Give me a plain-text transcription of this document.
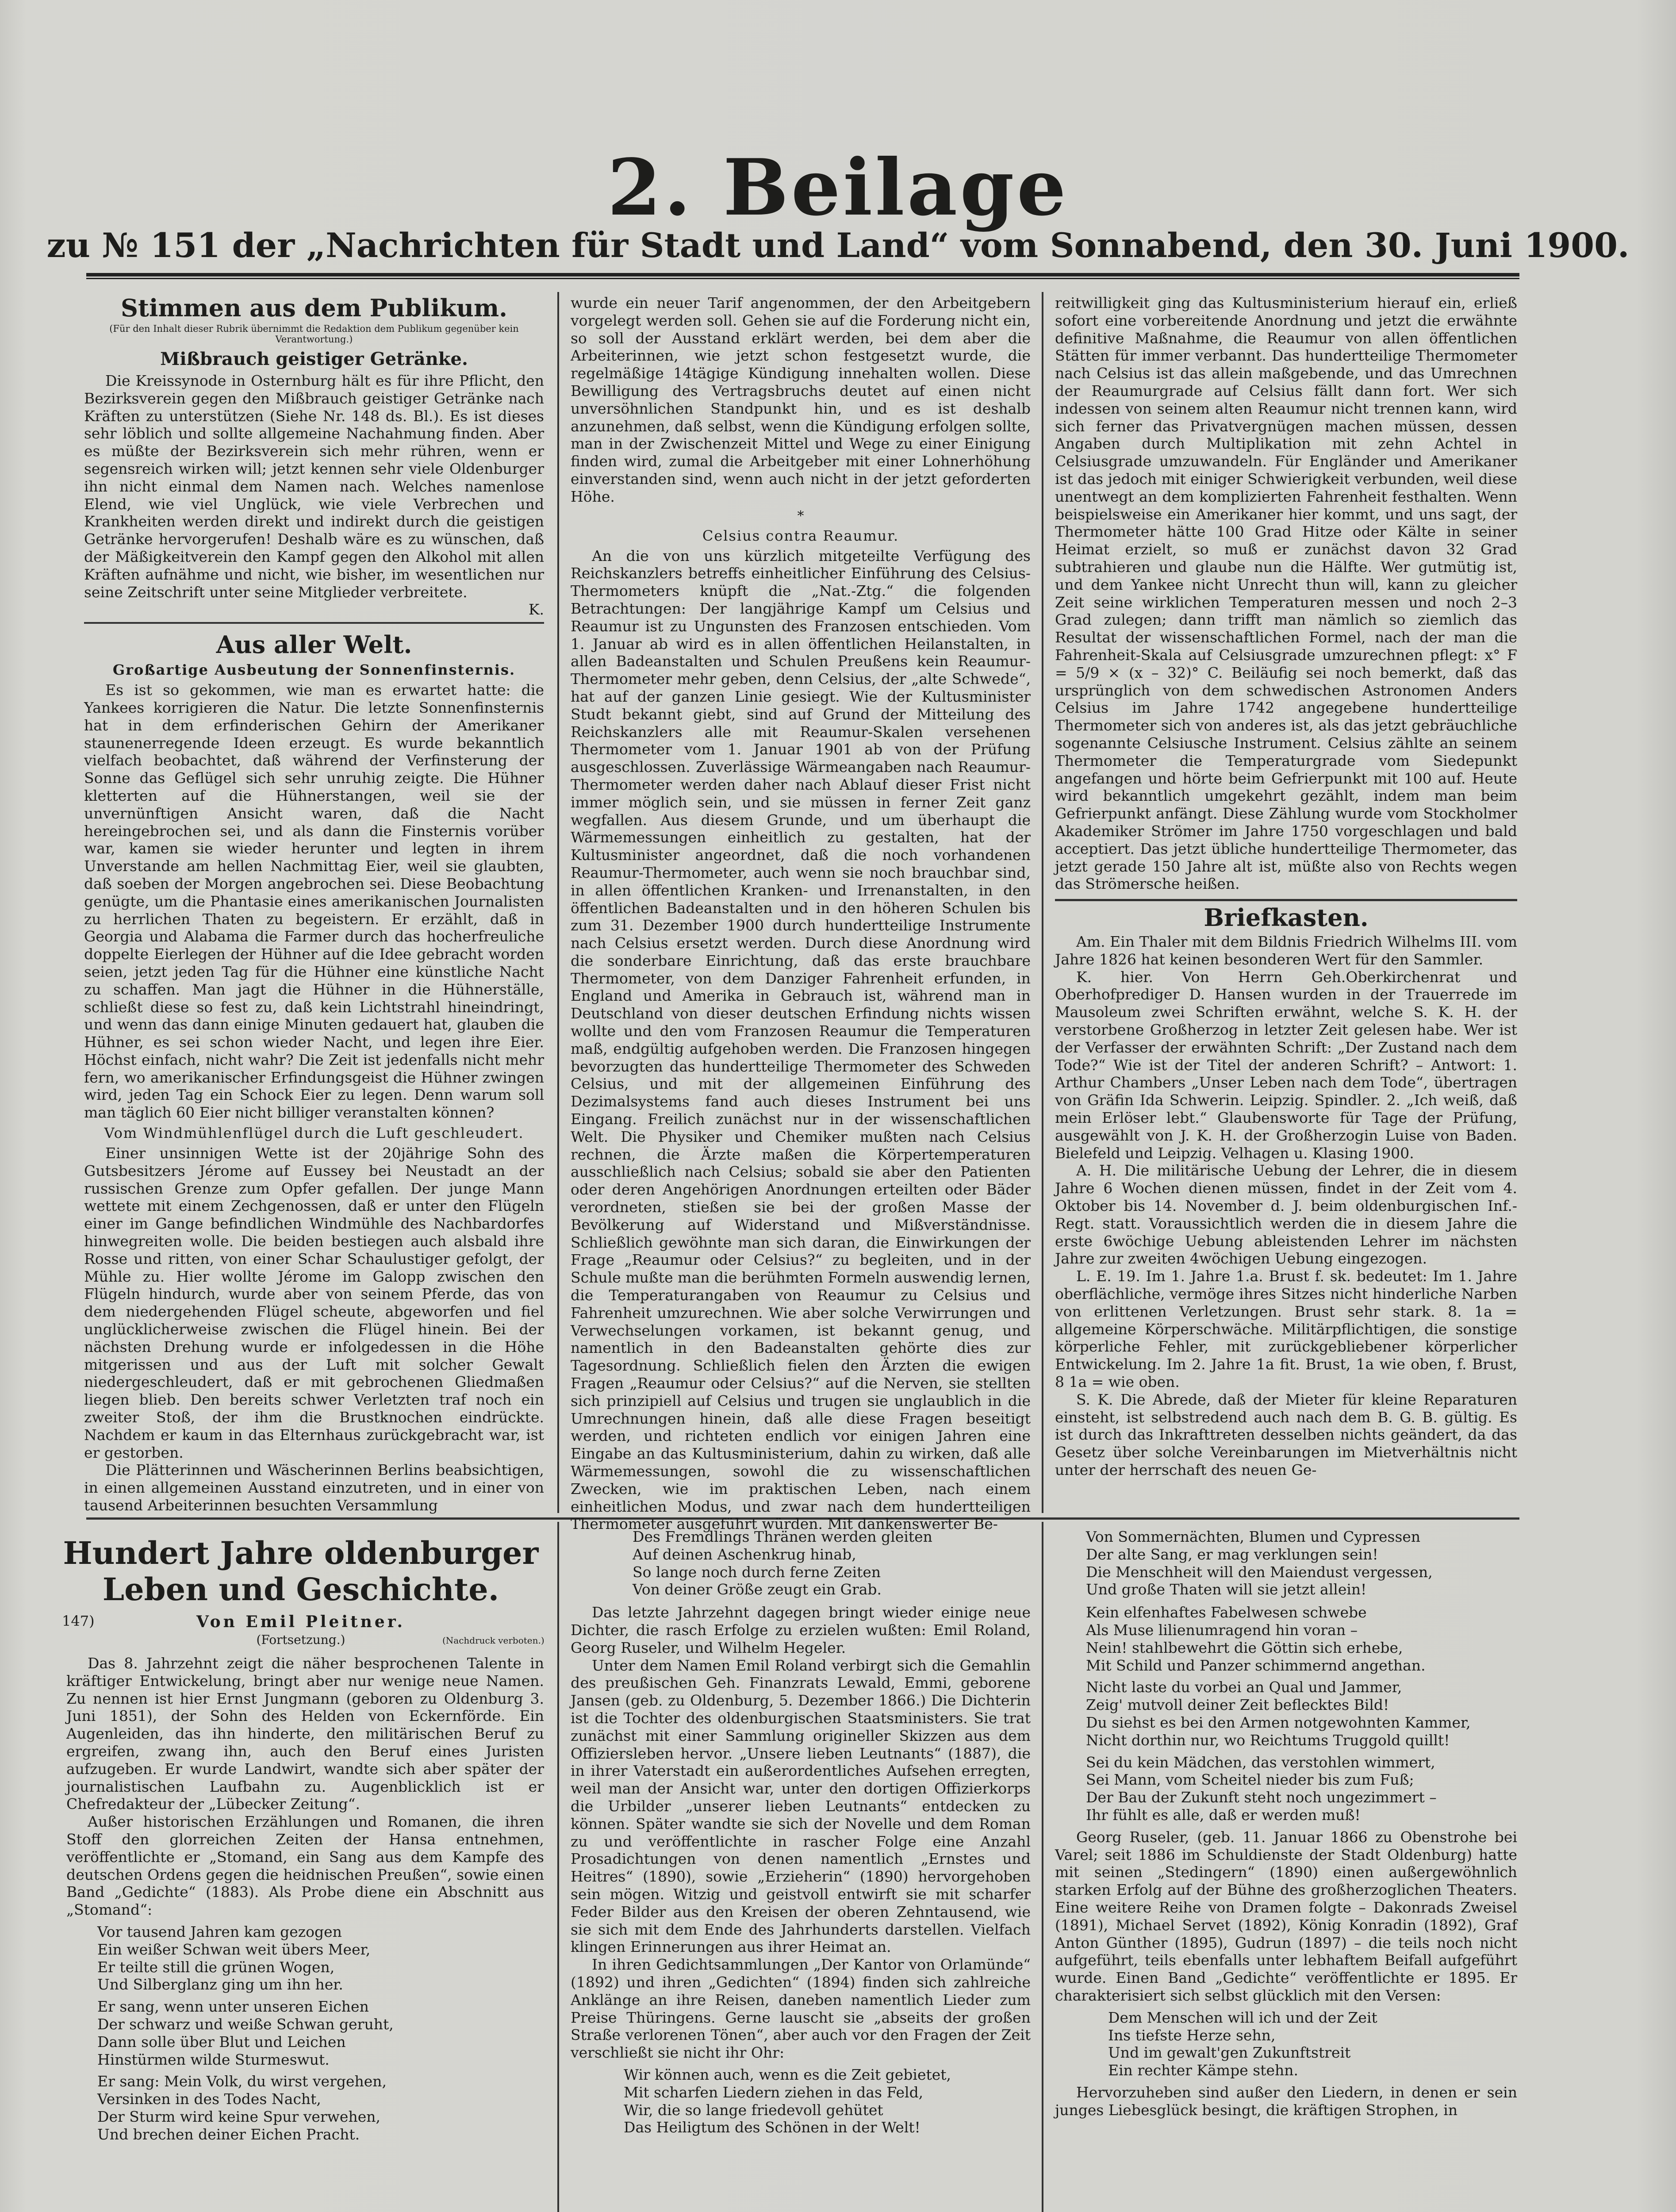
2. Beilage
zu № 151 der „Nachrichten für Stadt und Land“ vom Sonnabend, den 30. Juni 1900.
Stimmen aus dem Publikum.
(Für den Inhalt dieser Rubrik übernimmt die Redaktion dem Publikum gegenüber kein Verantwortung.)
Mißbrauch geistiger Getränke.

Die Kreissynode in Osternburg hält es für ihre Pflicht, den Bezirksverein gegen den Mißbrauch geistiger Getränke nach Kräften zu unterstützen (Siehe Nr. 148 ds. Bl.). Es ist dieses sehr löblich und sollte allgemeine Nachahmung finden. Aber es müßte der Bezirksverein sich mehr rühren, wenn er segensreich wirken will; jetzt kennen sehr viele Oldenburger ihn nicht einmal dem Namen nach. Welches namenlose Elend, wie viel Unglück, wie viele Verbrechen und Krankheiten werden direkt und indirekt durch die geistigen Getränke hervorgerufen! Deshalb wäre es zu wünschen, daß der Mäßigkeitverein den Kampf gegen den Alkohol mit allen Kräften aufnähme und nicht, wie bisher, im wesentlichen nur seine Zeitschrift unter seine Mitglieder verbreitete.

K.

Aus aller Welt.
Großartige Ausbeutung der Sonnenfinsternis.

Es ist so gekommen, wie man es erwartet hatte: die Yankees korrigieren die Natur. Die letzte Sonnenfinsternis hat in dem erfinderischen Gehirn der Amerikaner staunenerregende Ideen erzeugt. Es wurde bekanntlich vielfach beobachtet, daß während der Verfinsterung der Sonne das Geflügel sich sehr unruhig zeigte. Die Hühner kletterten auf die Hühnerstangen, weil sie der unvernünftigen Ansicht waren, daß die Nacht hereingebrochen sei, und als dann die Finsternis vorüber war, kamen sie wieder herunter und legten in ihrem Unverstande am hellen Nachmittag Eier, weil sie glaubten, daß soeben der Morgen angebrochen sei. Diese Beobachtung genügte, um die Phantasie eines amerikanischen Journalisten zu herrlichen Thaten zu begeistern. Er erzählt, daß in Georgia und Alabama die Farmer durch das hocherfreuliche doppelte Eierlegen der Hühner auf die Idee gebracht worden seien, jetzt jeden Tag für die Hühner eine künstliche Nacht zu schaffen. Man jagt die Hühner in die Hühnerställe, schließt diese so fest zu, daß kein Lichtstrahl hineindringt, und wenn das dann einige Minuten gedauert hat, glauben die Hühner, es sei schon wieder Nacht, und legen ihre Eier. Höchst einfach, nicht wahr? Die Zeit ist jedenfalls nicht mehr fern, wo amerikanischer Erfindungsgeist die Hühner zwingen wird, jeden Tag ein Schock Eier zu legen. Denn warum soll man täglich 60 Eier nicht billiger veranstalten können?

Vom Windmühlenflügel durch die Luft geschleudert.

Einer unsinnigen Wette ist der 20jährige Sohn des Gutsbesitzers Jérome auf Eussey bei Neustadt an der russischen Grenze zum Opfer gefallen. Der junge Mann wettete mit einem Zechgenossen, daß er unter den Flügeln einer im Gange befindlichen Windmühle des Nachbardorfes hinwegreiten wolle. Die beiden bestiegen auch alsbald ihre Rosse und ritten, von einer Schar Schaulustiger gefolgt, der Mühle zu. Hier wollte Jérome im Galopp zwischen den Flügeln hindurch, wurde aber von seinem Pferde, das von dem niedergehenden Flügel scheute, abgeworfen und fiel unglücklicherweise zwischen die Flügel hinein. Bei der nächsten Drehung wurde er infolgedessen in die Höhe mitgerissen und aus der Luft mit solcher Gewalt niedergeschleudert, daß er mit gebrochenen Gliedmaßen liegen blieb. Den bereits schwer Verletzten traf noch ein zweiter Stoß, der ihm die Brustknochen eindrückte. Nachdem er kaum in das Elternhaus zurückgebracht war, ist er gestorben.

Die Plätterinnen und Wäscherinnen Berlins beabsichtigen, in einen allgemeinen Ausstand einzutreten, und in einer von tausend Arbeiterinnen besuchten Versammlung

wurde ein neuer Tarif angenommen, der den Arbeitgebern vorgelegt werden soll. Gehen sie auf die Forderung nicht ein, so soll der Ausstand erklärt werden, bei dem aber die Arbeiterinnen, wie jetzt schon festgesetzt wurde, die regelmäßige 14tägige Kündigung innehalten wollen. Diese Bewilligung des Vertragsbruchs deutet auf einen nicht unversöhnlichen Standpunkt hin, und es ist deshalb anzunehmen, daß selbst, wenn die Kündigung erfolgen sollte, man in der Zwischenzeit Mittel und Wege zu einer Einigung finden wird, zumal die Arbeitgeber mit einer Lohnerhöhung einverstanden sind, wenn auch nicht in der jetzt geforderten Höhe.

*
Celsius contra Reaumur.

An die von uns kürzlich mitgeteilte Verfügung des Reichskanzlers betreffs einheitlicher Einführung des Celsius-Thermometers knüpft die „Nat.-Ztg.“ die folgenden Betrachtungen: Der langjährige Kampf um Celsius und Reaumur ist zu Ungunsten des Franzosen entschieden. Vom 1. Januar ab wird es in allen öffentlichen Heilanstalten, in allen Badeanstalten und Schulen Preußens kein Reaumur-Thermometer mehr geben, denn Celsius, der „alte Schwede“, hat auf der ganzen Linie gesiegt. Wie der Kultusminister Studt bekannt giebt, sind auf Grund der Mitteilung des Reichskanzlers alle mit Reaumur-Skalen versehenen Thermometer vom 1. Januar 1901 ab von der Prüfung ausgeschlossen. Zuverlässige Wärmeangaben nach Reaumur-Thermometer werden daher nach Ablauf dieser Frist nicht immer möglich sein, und sie müssen in ferner Zeit ganz wegfallen. Aus diesem Grunde, und um überhaupt die Wärmemessungen einheitlich zu gestalten, hat der Kultusminister angeordnet, daß die noch vorhandenen Reaumur-Thermometer, auch wenn sie noch brauchbar sind, in allen öffentlichen Kranken- und Irrenanstalten, in den öffentlichen Badeanstalten und in den höheren Schulen bis zum 31. Dezember 1900 durch hundertteilige Instrumente nach Celsius ersetzt werden. Durch diese Anordnung wird die sonderbare Einrichtung, daß das erste brauchbare Thermometer, von dem Danziger Fahrenheit erfunden, in England und Amerika in Gebrauch ist, während man in Deutschland von dieser deutschen Erfindung nichts wissen wollte und den vom Franzosen Reaumur die Temperaturen maß, endgültig aufgehoben werden. Die Franzosen hingegen bevorzugten das hundertteilige Thermometer des Schweden Celsius, und mit der allgemeinen Einführung des Dezimalsystems fand auch dieses Instrument bei uns Eingang. Freilich zunächst nur in der wissenschaftlichen Welt. Die Physiker und Chemiker mußten nach Celsius rechnen, die Ärzte maßen die Körpertemperaturen ausschließlich nach Celsius; sobald sie aber den Patienten oder deren Angehörigen Anordnungen erteilten oder Bäder verordneten, stießen sie bei der großen Masse der Bevölkerung auf Widerstand und Mißverständnisse. Schließlich gewöhnte man sich daran, die Einwirkungen der Frage „Reaumur oder Celsius?“ zu begleiten, und in der Schule mußte man die berühmten Formeln auswendig lernen, die Temperaturangaben von Reaumur zu Celsius und Fahrenheit umzurechnen. Wie aber solche Verwirrungen und Verwechselungen vorkamen, ist bekannt genug, und namentlich in den Badeanstalten gehörte dies zur Tagesordnung. Schließlich fielen den Ärzten die ewigen Fragen „Reaumur oder Celsius?“ auf die Nerven, sie stellten sich prinzipiell auf Celsius und trugen sie unglaublich in die Umrechnungen hinein, daß alle diese Fragen beseitigt werden, und richteten endlich vor einigen Jahren eine Eingabe an das Kultusministerium, dahin zu wirken, daß alle Wärmemessungen, sowohl die zu wissenschaftlichen Zwecken, wie im praktischen Leben, nach einem einheitlichen Modus, und zwar nach dem hundertteiligen Thermometer ausgeführt würden. Mit dankenswerter Be-

reitwilligkeit ging das Kultusministerium hierauf ein, erließ sofort eine vorbereitende Anordnung und jetzt die erwähnte definitive Maßnahme, die Reaumur von allen öffentlichen Stätten für immer verbannt. Das hundertteilige Thermometer nach Celsius ist das allein maßgebende, und das Umrechnen der Reaumurgrade auf Celsius fällt dann fort. Wer sich indessen von seinem alten Reaumur nicht trennen kann, wird sich ferner das Privatvergnügen machen müssen, dessen Angaben durch Multiplikation mit zehn Achtel in Celsiusgrade umzuwandeln. Für Engländer und Amerikaner ist das jedoch mit einiger Schwierigkeit verbunden, weil diese unentwegt an dem komplizierten Fahrenheit festhalten. Wenn beispielsweise ein Amerikaner hier kommt, und uns sagt, der Thermometer hätte 100 Grad Hitze oder Kälte in seiner Heimat erzielt, so muß er zunächst davon 32 Grad subtrahieren und glaube nun die Hälfte. Wer gutmütig ist, und dem Yankee nicht Unrecht thun will, kann zu gleicher Zeit seine wirklichen Temperaturen messen und noch 2–3 Grad zulegen; dann trifft man nämlich so ziemlich das Resultat der wissenschaftlichen Formel, nach der man die Fahrenheit-Skala auf Celsiusgrade umzurechnen pflegt: x° F = 5/9 × (x – 32)° C. Beiläufig sei noch bemerkt, daß das ursprünglich von dem schwedischen Astronomen Anders Celsius im Jahre 1742 angegebene hundertteilige Thermometer sich von anderes ist, als das jetzt gebräuchliche sogenannte Celsiusche Instrument. Celsius zählte an seinem Thermometer die Temperaturgrade vom Siedepunkt angefangen und hörte beim Gefrierpunkt mit 100 auf. Heute wird bekanntlich umgekehrt gezählt, indem man beim Gefrierpunkt anfängt. Diese Zählung wurde vom Stockholmer Akademiker Strömer im Jahre 1750 vorgeschlagen und bald acceptiert. Das jetzt übliche hundertteilige Thermometer, das jetzt gerade 150 Jahre alt ist, müßte also von Rechts wegen das Strömersche heißen.

Briefkasten.

Am. Ein Thaler mit dem Bildnis Friedrich Wilhelms III. vom Jahre 1826 hat keinen besonderen Wert für den Sammler.

K. hier. Von Herrn Geh.Oberkirchenrat und Oberhofprediger D. Hansen wurden in der Trauerrede im Mausoleum zwei Schriften erwähnt, welche S. K. H. der verstorbene Großherzog in letzter Zeit gelesen habe. Wer ist der Verfasser der erwähnten Schrift: „Der Zustand nach dem Tode?“ Wie ist der Titel der anderen Schrift? – Antwort: 1. Arthur Chambers „Unser Leben nach dem Tode“, übertragen von Gräfin Ida Schwerin. Leipzig. Spindler. 2. „Ich weiß, daß mein Erlöser lebt.“ Glaubensworte für Tage der Prüfung, ausgewählt von J. K. H. der Großherzogin Luise von Baden. Bielefeld und Leipzig. Velhagen u. Klasing 1900.

A. H. Die militärische Uebung der Lehrer, die in diesem Jahre 6 Wochen dienen müssen, findet in der Zeit vom 4. Oktober bis 14. November d. J. beim oldenburgischen Inf.-Regt. statt. Voraussichtlich werden die in diesem Jahre die erste 6wöchige Uebung ableistenden Lehrer im nächsten Jahre zur zweiten 4wöchigen Uebung eingezogen.

L. E. 19. Im 1. Jahre 1.a. Brust f. sk. bedeutet: Im 1. Jahre oberflächliche, vermöge ihres Sitzes nicht hinderliche Narben von erlittenen Verletzungen. Brust sehr stark. 8. 1a = allgemeine Körperschwäche. Militärpflichtigen, die sonstige körperliche Fehler, mit zurückgebliebener körperlicher Entwickelung. Im 2. Jahre 1a fit. Brust, 1a wie oben, f. Brust, 8 1a = wie oben.

S. K. Die Abrede, daß der Mieter für kleine Reparaturen einsteht, ist selbstredend auch nach dem B. G. B. gültig. Es ist durch das Inkrafttreten desselben nichts geändert, da das Gesetz über solche Vereinbarungen im Mietverhältnis nicht unter der herrschaft des neuen Ge-

Hundert Jahre oldenburger Leben und Geschichte.
147)	Von Emil Pleitner.
(Fortsetzung.)	(Nachdruck verboten.)

Das 8. Jahrzehnt zeigt die näher besprochenen Talente in kräftiger Entwickelung, bringt aber nur wenige neue Namen. Zu nennen ist hier Ernst Jungmann (geboren zu Oldenburg 3. Juni 1851), der Sohn des Helden von Eckernförde. Ein Augenleiden, das ihn hinderte, den militärischen Beruf zu ergreifen, zwang ihn, auch den Beruf eines Juristen aufzugeben. Er wurde Landwirt, wandte sich aber später der journalistischen Laufbahn zu. Augenblicklich ist er Chefredakteur der „Lübecker Zeitung“.

Außer historischen Erzählungen und Romanen, die ihren Stoff den glorreichen Zeiten der Hansa entnehmen, veröffentlichte er „Stomand, ein Sang aus dem Kampfe des deutschen Ordens gegen die heidnischen Preußen“, sowie einen Band „Gedichte“ (1883). Als Probe diene ein Abschnitt aus „Stomand“:

Vor tausend Jahren kam gezogen
Ein weißer Schwan weit übers Meer,
Er teilte still die grünen Wogen,
Und Silberglanz ging um ihn her.

Er sang, wenn unter unseren Eichen
Der schwarz und weiße Schwan geruht,
Dann solle über Blut und Leichen
Hinstürmen wilde Sturmeswut.

Er sang: Mein Volk, du wirst vergehen,
Versinken in des Todes Nacht,
Der Sturm wird keine Spur verwehen,
Und brechen deiner Eichen Pracht.

Des Fremdlings Thränen werden gleiten
Auf deinen Aschenkrug hinab,
So lange noch durch ferne Zeiten
Von deiner Größe zeugt ein Grab.

Das letzte Jahrzehnt dagegen bringt wieder einige neue Dichter, die rasch Erfolge zu erzielen wußten: Emil Roland, Georg Ruseler, und Wilhelm Hegeler.

Unter dem Namen Emil Roland verbirgt sich die Gemahlin des preußischen Geh. Finanzrats Lewald, Emmi, geborene Jansen (geb. zu Oldenburg, 5. Dezember 1866.) Die Dichterin ist die Tochter des oldenburgischen Staatsministers. Sie trat zunächst mit einer Sammlung origineller Skizzen aus dem Offiziersleben hervor. „Unsere lieben Leutnants“ (1887), die in ihrer Vaterstadt ein außerordentliches Aufsehen erregten, weil man der Ansicht war, unter den dortigen Offizierkorps die Urbilder „unserer lieben Leutnants“ entdecken zu können. Später wandte sie sich der Novelle und dem Roman zu und veröffentlichte in rascher Folge eine Anzahl Prosadichtungen von denen namentlich „Ernstes und Heitres“ (1890), sowie „Erzieherin“ (1890) hervorgehoben sein mögen. Witzig und geistvoll entwirft sie mit scharfer Feder Bilder aus den Kreisen der oberen Zehntausend, wie sie sich mit dem Ende des Jahrhunderts darstellen. Vielfach klingen Erinnerungen aus ihrer Heimat an.

In ihren Gedichtsammlungen „Der Kantor von Orlamünde“ (1892) und ihren „Gedichten“ (1894) finden sich zahlreiche Anklänge an ihre Reisen, daneben namentlich Lieder zum Preise Thüringens. Gerne lauscht sie „abseits der großen Straße verlorenen Tönen“, aber auch vor den Fragen der Zeit verschließt sie nicht ihr Ohr:

Wir können auch, wenn es die Zeit gebietet,
Mit scharfen Liedern ziehen in das Feld,
Wir, die so lange friedevoll gehütet
Das Heiligtum des Schönen in der Welt!

Von Sommernächten, Blumen und Cypressen
Der alte Sang, er mag verklungen sein!
Die Menschheit will den Maiendust vergessen,
Und große Thaten will sie jetzt allein!

Kein elfenhaftes Fabelwesen schwebe
Als Muse lilienumragend hin voran –
Nein! stahlbewehrt die Göttin sich erhebe,
Mit Schild und Panzer schimmernd angethan.

Nicht laste du vorbei an Qual und Jammer,
Zeig' mutvoll deiner Zeit beflecktes Bild!
Du siehst es bei den Armen notgewohnten Kammer,
Nicht dorthin nur, wo Reichtums Truggold quillt!

Sei du kein Mädchen, das verstohlen wimmert,
Sei Mann, vom Scheitel nieder bis zum Fuß;
Der Bau der Zukunft steht noch ungezimmert –
Ihr fühlt es alle, daß er werden muß!

Georg Ruseler, (geb. 11. Januar 1866 zu Obenstrohe bei Varel; seit 1886 im Schuldienste der Stadt Oldenburg) hatte mit seinen „Stedingern“ (1890) einen außergewöhnlich starken Erfolg auf der Bühne des großherzoglichen Theaters. Eine weitere Reihe von Dramen folgte – Dakonrads Zweisel (1891), Michael Servet (1892), König Konradin (1892), Graf Anton Günther (1895), Gudrun (1897) – die teils noch nicht aufgeführt, teils ebenfalls unter lebhaftem Beifall aufgeführt wurde. Einen Band „Gedichte“ veröffentlichte er 1895. Er charakterisiert sich selbst glücklich mit den Versen:

Dem Menschen will ich und der Zeit
Ins tiefste Herze sehn,
Und im gewalt'gen Zukunftstreit
Ein rechter Kämpe stehn.

Hervorzuheben sind außer den Liedern, in denen er sein junges Liebesglück besingt, die kräftigen Strophen, in
